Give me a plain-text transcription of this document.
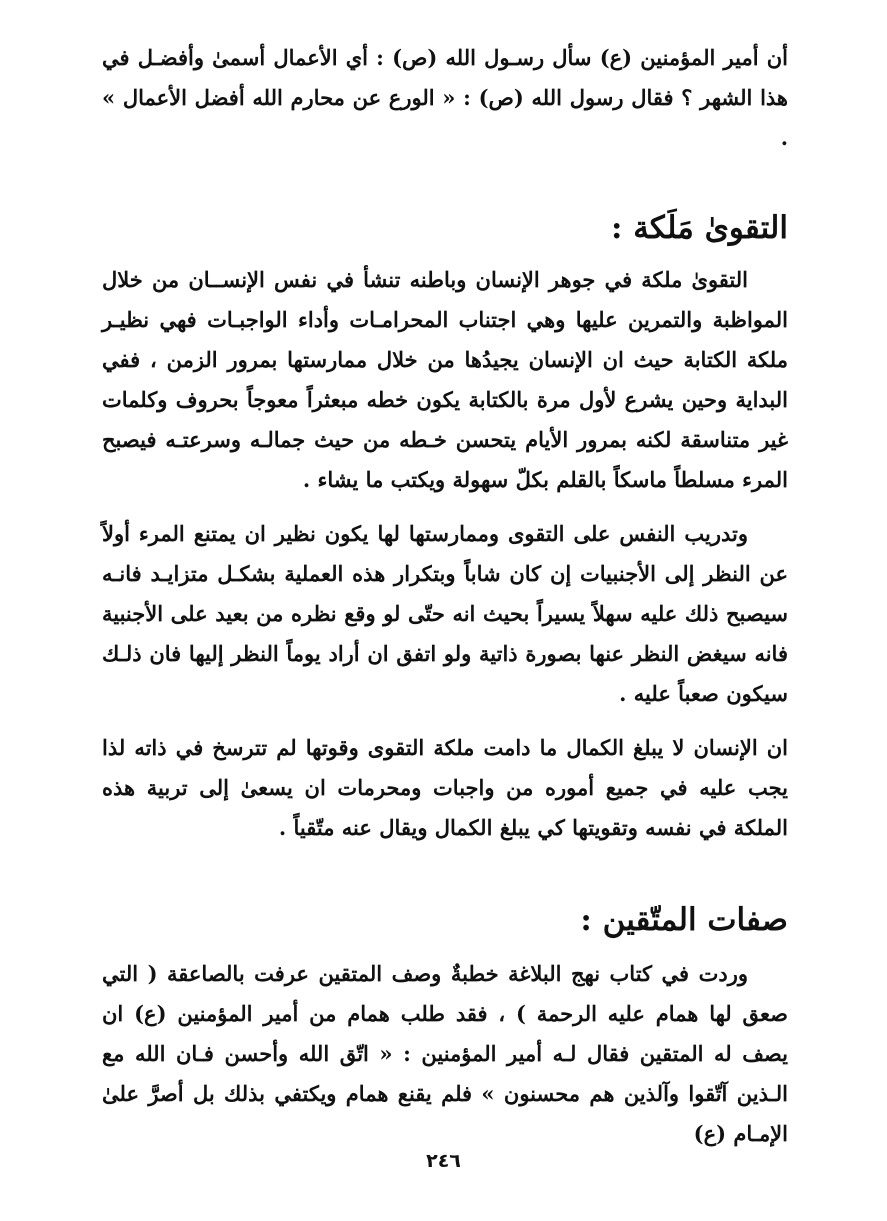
أن أمير المؤمنين (ع) سأل رسـول الله (ص) : أي الأعمال أسمىٰ وأفضـل في هذا الشهر ؟ فقال رسول الله (ص) : « الورع عن محارم الله أفضل الأعمال » .

التقوىٰ مَلَكة :

التقوىٰ ملكة في جوهر الإنسان وباطنه تنشأ في نفس الإنســان من خلال المواظبة والتمرين عليها وهي اجتناب المحرامـات وأداء الواجبـات فهي نظيـر ملكة الكتابة حيث ان الإنسان يجيدُها من خلال ممارستها بمرور الزمن ، ففي البداية وحين يشرع لأول مرة بالكتابة يكون خطه مبعثراً معوجاً بحروف وكلمات غير متناسقة لكنه بمرور الأيام يتحسن خـطه من حيث جمالـه وسرعتـه فيصبح المرء مسلطاً ماسكاً بالقلم بكلّ سهولة ويكتب ما يشاء .

وتدريب النفس على التقوى وممارستها لها يكون نظير ان يمتنع المرء أولاً عن النظر إلى الأجنبيات إن كان شاباً وبتكرار هذه العملية بشكـل متزايـد فانـه سيصبح ذلك عليه سهلاً يسيراً بحيث انه حتّى لو وقع نظره من بعيد على الأجنبية فانه سيغض النظر عنها بصورة ذاتية ولو اتفق ان أراد يوماً النظر إليها فان ذلـك سيكون صعباً عليه .

ان الإنسان لا يبلغ الكمال ما دامت ملكة التقوى وقوتها لم تترسخ في ذاته لذا يجب عليه في جميع أموره من واجبات ومحرمات ان يسعىٰ إلى تربية هذه الملكة في نفسه وتقويتها كي يبلغ الكمال ويقال عنه متّقياً .

صفات المتّقين :

وردت في كتاب نهج البلاغة خطبةٌ وصف المتقين عرفت بالصاعقة ( التي صعق لها همام عليه الرحمة ) ، فقد طلب همام من أمير المؤمنين (ع) ان يصف له المتقين فقال لـه أمير المؤمنين : « اتّق الله وأحسن فـان الله مع الـذين آتّقوا وآلذين هم محسنون » فلم يقنع همام ويكتفي بذلك بل أصرَّ علىٰ الإمـام (ع)

٢٤٦
